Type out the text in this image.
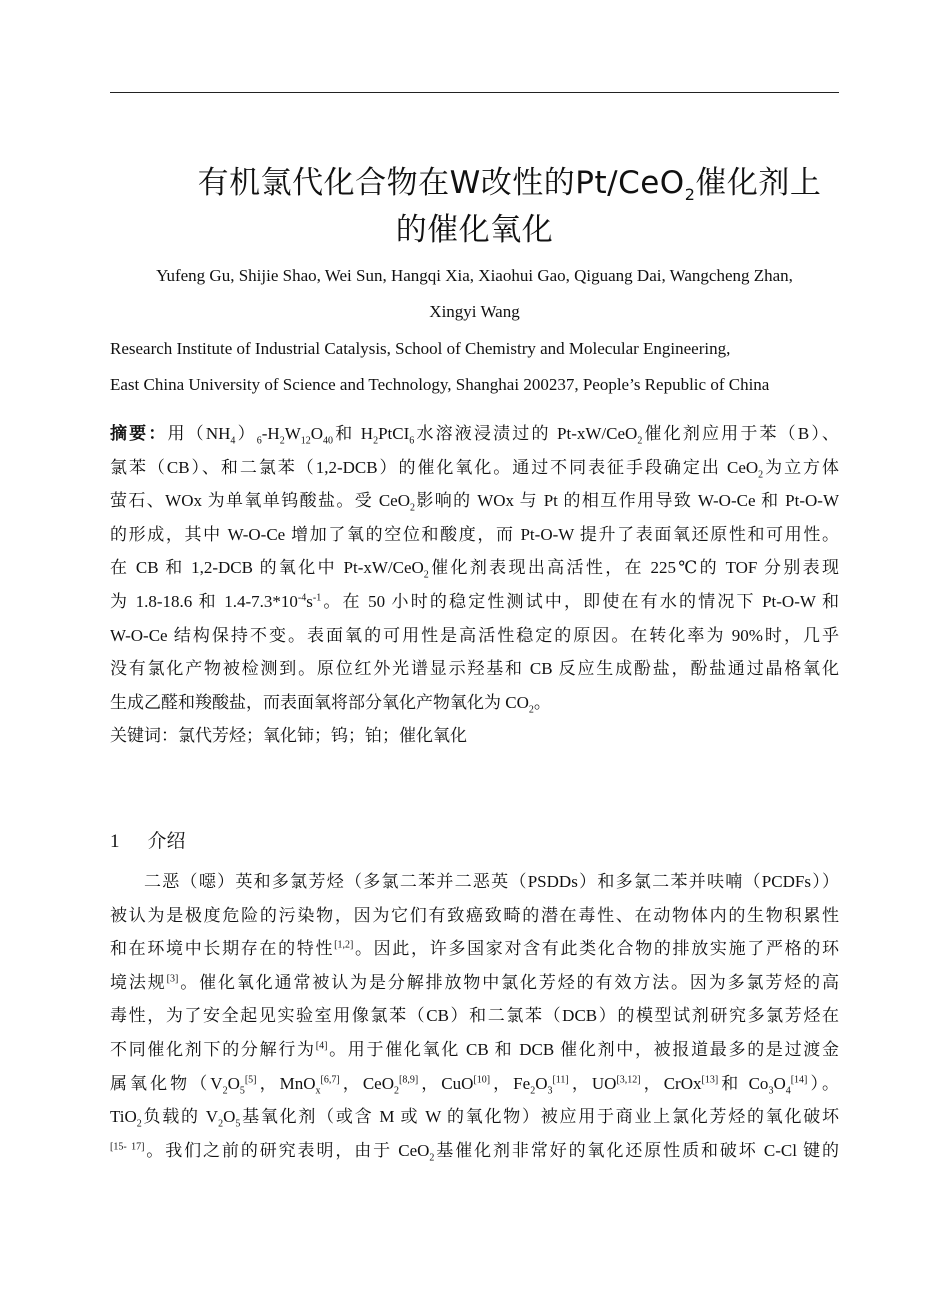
有机氯代化合物在W改性的Pt/CeO$_2$催化剂上
的催化氧化
Yufeng Gu, Shijie Shao, Wei Sun, Hangqi Xia, Xiaohui Gao, Qiguang Dai, Wangcheng Zhan,
Xingyi Wang
Research Institute of Industrial Catalysis, School of Chemistry and Molecular Engineering,
East China University of Science and Technology, Shanghai 200237, People’s Republic of China
摘要：用$(NH_4)_6-H_2W_{12}O_{40}$和 $H_2PtCI_6$水溶液浸渍过的 Pt-xW/CeO$_2$催化剂应用于苯（B）、
氯苯（CB）、和二氯苯（1,2-DCB）的催化氧化。通过不同表征手段确定出 CeO$_2$为立方体
萤石、WOx 为单氧单钨酸盐。受 CeO$_2$影响的 WOx 与 Pt 的相互作用导致 W-O-Ce 和 Pt-O-W
的形成，其中 W-O-Ce 增加了氧的空位和酸度，而 Pt-O-W 提升了表面氧还原性和可用性。
在 CB 和 1,2-DCB 的氧化中 Pt-xW/CeO$_2$催化剂表现出高活性，在 225℃的 TOF 分别表现
为 1.8-18.6 和 $1.4-7.3*10^{-4}s^{-1}$。在 50 小时的稳定性测试中，即使在有水的情况下 Pt-O-W 和
W-O-Ce 结构保持不变。表面氧的可用性是高活性稳定的原因。在转化率为 90%时，几乎
没有氯化产物被检测到。原位红外光谱显示羟基和 CB 反应生成酚盐，酚盐通过晶格氧化
生成乙醛和羧酸盐，而表面氧将部分氧化产物氧化为 $CO_2$。
关键词：氯代芳烃；氧化铈；钨；铂；催化氧化
1 介绍
二恶（噁）英和多氯芳烃（多氯二苯并二恶英（PSDDs）和多氯二苯并呋喃（PCDFs））
被认为是极度危险的污染物，因为它们有致癌致畸的潜在毒性、在动物体内的生物积累性
和在环境中长期存在的特性[1,2]。因此，许多国家对含有此类化合物的排放实施了严格的环
境法规[3]。催化氧化通常被认为是分解排放物中氯化芳烃的有效方法。因为多氯芳烃的高
毒性，为了安全起见实验室用像氯苯（CB）和二氯苯（DCB）的模型试剂研究多氯芳烃在
不同催化剂下的分解行为[4]。用于催化氧化 CB 和 DCB 催化剂中，被报道最多的是过渡金
属氧化物（$V_2O_5[5]$，MnO$_x$[6,7]，CeO$_2$[8,9]，CuO[10]，$Fe_2O_3[11]$，UO[3,12]，CrOx[13]和 $Co_3O_4[14]$）。
TiO$_2$负载的 $V_2O_5$基氧化剂（或含 M 或 W 的氧化物）被应用于商业上氯化芳烃的氧化破坏
[15- 17]。我们之前的研究表明，由于 CeO$_2$基催化剂非常好的氧化还原性质和破坏 C-Cl 键的
